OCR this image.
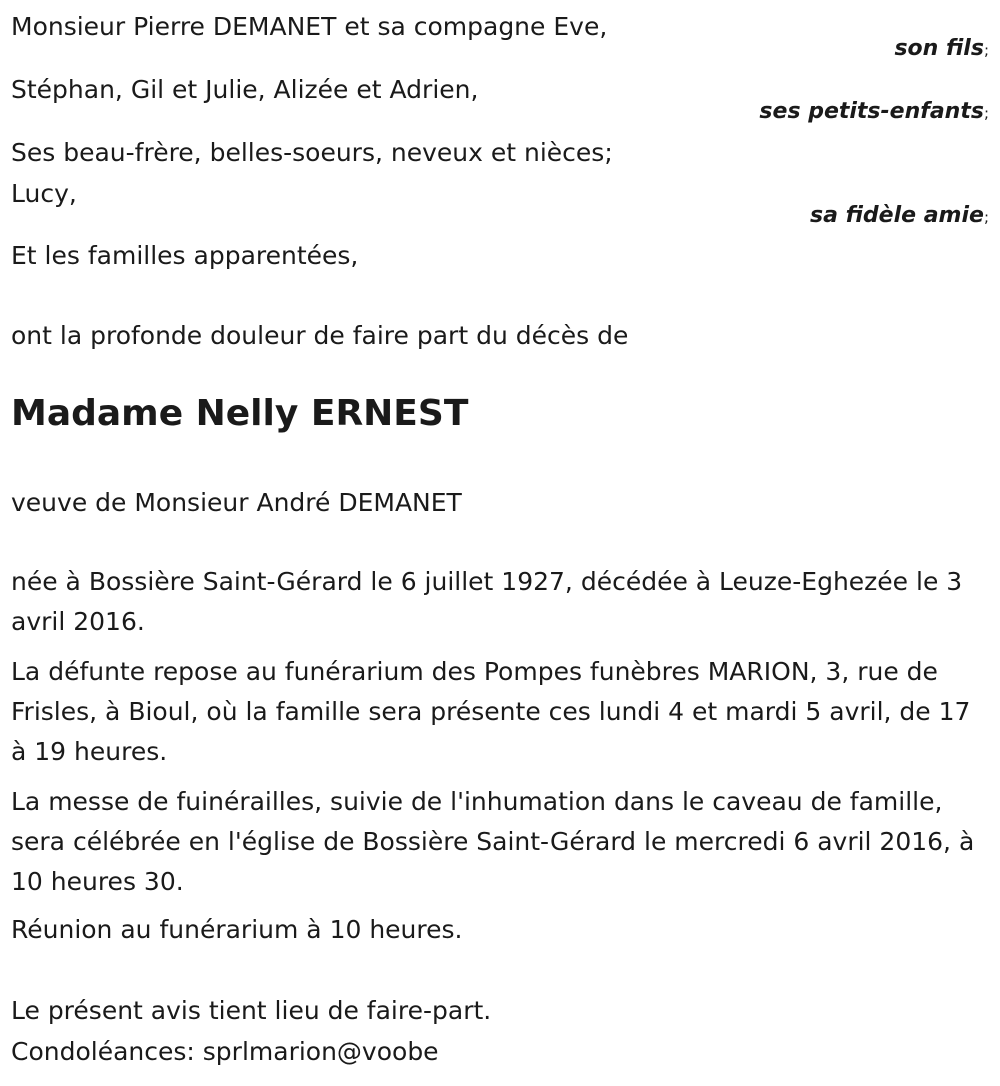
Monsieur Pierre DEMANET et sa compagne Eve,
son fils;
Stéphan, Gil et Julie, Alizée et Adrien,
ses petits-enfants;
Ses beau-frère, belles-soeurs, neveux et nièces;
Lucy,
sa fidèle amie;
Et les familles apparentées,
ont la profonde douleur de faire part du décès de
Madame Nelly ERNEST
veuve de Monsieur André DEMANET
née à Bossière Saint-Gérard le 6 juillet 1927, décédée à Leuze-Eghezée le 3 avril 2016.
La défunte repose au funérarium des Pompes funèbres MARION, 3, rue de Frisles, à Bioul, où la famille sera présente ces lundi 4 et mardi 5 avril, de 17 à 19 heures.
La messe de fuinérailles, suivie de l'inhumation dans le caveau de famille, sera célébrée en l'église de Bossière Saint-Gérard le mercredi 6 avril 2016, à 10 heures 30.
Réunion au funérarium à 10 heures.
Le présent avis tient lieu de faire-part.
Condoléances: sprlmarion@voobe
